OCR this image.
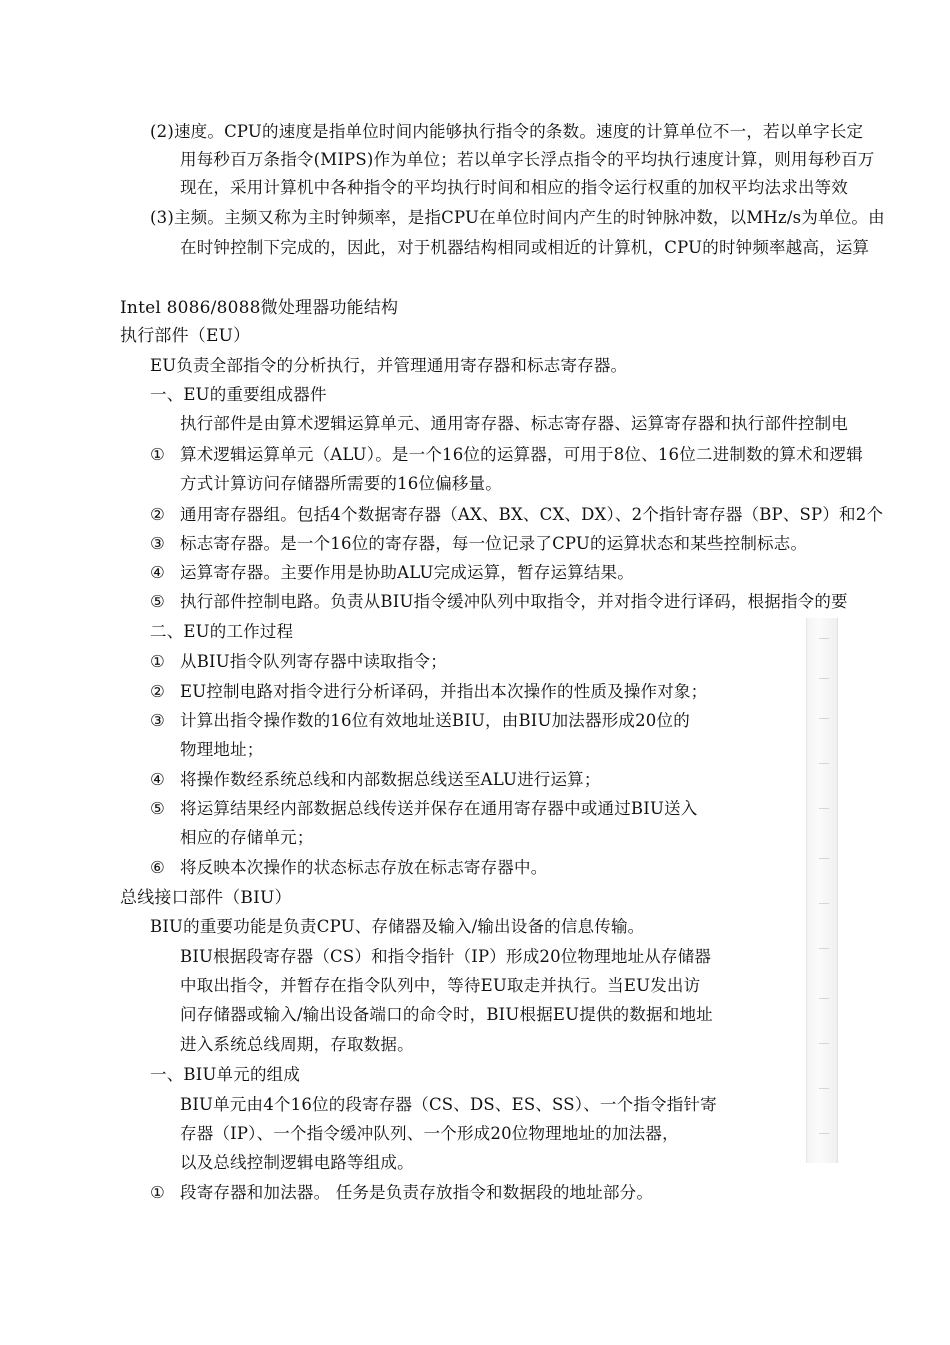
(2)速度。CPU的速度是指单位时间内能够执行指令的条数。速度的计算单位不一，若以单字长定
用每秒百万条指令(MIPS)作为单位；若以单字长浮点指令的平均执行速度计算，则用每秒百万
现在，采用计算机中各种指令的平均执行时间和相应的指令运行权重的加权平均法求出等效
(3)主频。主频又称为主时钟频率，是指CPU在单位时间内产生的时钟脉冲数，以MHz/s为单位。由
在时钟控制下完成的，因此，对于机器结构相同或相近的计算机，CPU的时钟频率越高，运算
Intel 8086/8088微处理器功能结构
执行部件（EU）
EU负责全部指令的分析执行，并管理通用寄存器和标志寄存器。
一、EU的重要组成器件
执行部件是由算术逻辑运算单元、通用寄存器、标志寄存器、运算寄存器和执行部件控制电
① 算术逻辑运算单元（ALU）。是一个16位的运算器，可用于8位、16位二进制数的算术和逻辑
方式计算访问存储器所需要的16位偏移量。
② 通用寄存器组。包括4个数据寄存器（AX、BX、CX、DX）、2个指针寄存器（BP、SP）和2个
③ 标志寄存器。是一个16位的寄存器，每一位记录了CPU的运算状态和某些控制标志。
④ 运算寄存器。主要作用是协助ALU完成运算，暂存运算结果。
⑤ 执行部件控制电路。负责从BIU指令缓冲队列中取指令，并对指令进行译码，根据指令的要
二、EU的工作过程
① 从BIU指令队列寄存器中读取指令；
② EU控制电路对指令进行分析译码，并指出本次操作的性质及操作对象；
③ 计算出指令操作数的16位有效地址送BIU，由BIU加法器形成20位的
物理地址；
④ 将操作数经系统总线和内部数据总线送至ALU进行运算；
⑤ 将运算结果经内部数据总线传送并保存在通用寄存器中或通过BIU送入
相应的存储单元；
⑥ 将反映本次操作的状态标志存放在标志寄存器中。
总线接口部件（BIU）
BIU的重要功能是负责CPU、存储器及输入/输出设备的信息传输。
BIU根据段寄存器（CS）和指令指针（IP）形成20位物理地址从存储器
中取出指令，并暂存在指令队列中，等待EU取走并执行。当EU发出访
问存储器或输入/输出设备端口的命令时，BIU根据EU提供的数据和地址
进入系统总线周期，存取数据。
一、BIU单元的组成
BIU单元由4个16位的段寄存器（CS、DS、ES、SS）、一个指令指针寄
存器（IP）、一个指令缓冲队列、一个形成20位物理地址的加法器，
以及总线控制逻辑电路等组成。
① 段寄存器和加法器。 任务是负责存放指令和数据段的地址部分。
